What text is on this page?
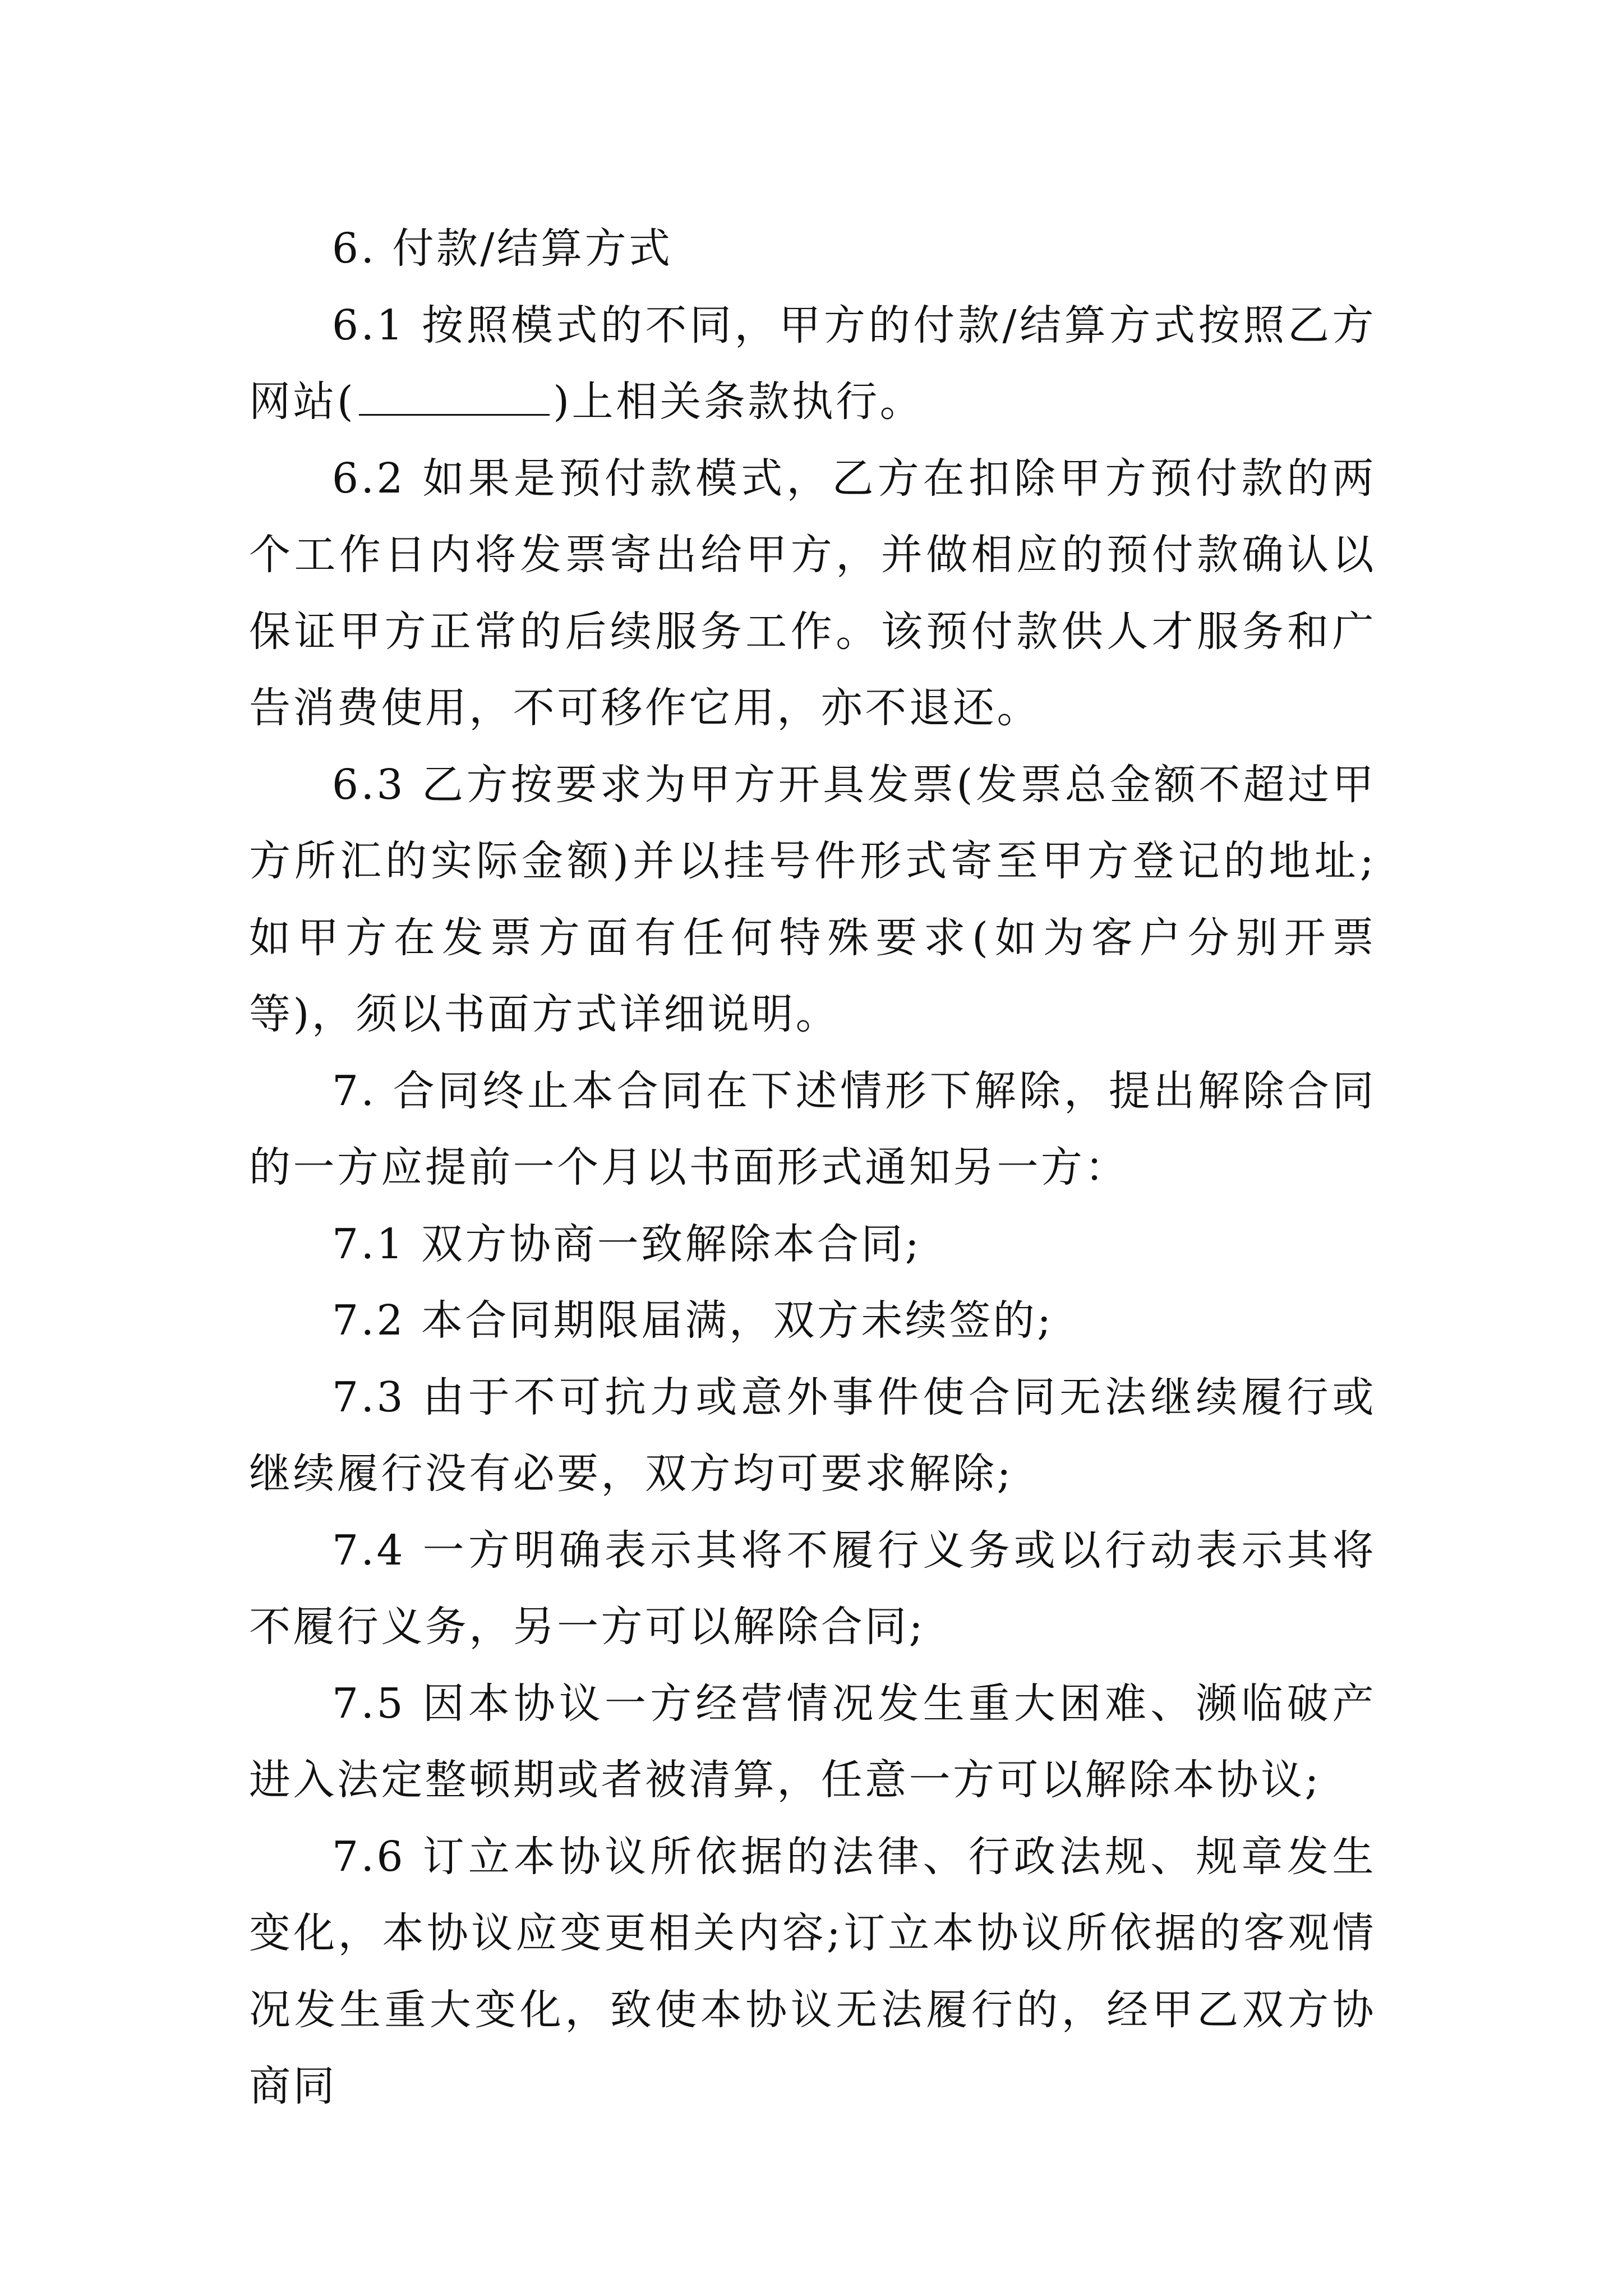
6. 付款/结算方式

6.1 按照模式的不同，甲方的付款/结算方式按照乙方网站(	)上相关条款执行。

6.2 如果是预付款模式，乙方在扣除甲方预付款的两个工作日内将发票寄出给甲方，并做相应的预付款确认以保证甲方正常的后续服务工作。该预付款供人才服务和广告消费使用，不可移作它用，亦不退还。

6.3 乙方按要求为甲方开具发票(发票总金额不超过甲方所汇的实际金额)并以挂号件形式寄至甲方登记的地址;如甲方在发票方面有任何特殊要求(如为客户分别开票等)，须以书面方式详细说明。

7. 合同终止本合同在下述情形下解除，提出解除合同的一方应提前一个月以书面形式通知另一方：

7.1 双方协商一致解除本合同;

7.2 本合同期限届满，双方未续签的;

7.3 由于不可抗力或意外事件使合同无法继续履行或继续履行没有必要，双方均可要求解除;

7.4 一方明确表示其将不履行义务或以行动表示其将不履行义务，另一方可以解除合同;

7.5 因本协议一方经营情况发生重大困难、濒临破产进入法定整顿期或者被清算，任意一方可以解除本协议;

7.6 订立本协议所依据的法律、行政法规、规章发生变化，本协议应变更相关内容;订立本协议所依据的客观情况发生重大变化，致使本协议无法履行的，经甲乙双方协商同
